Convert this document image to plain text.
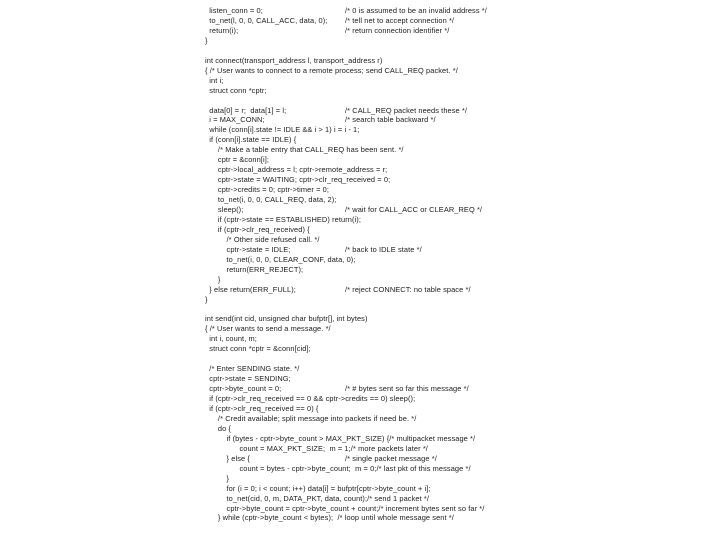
listen_conn = 0;	/* 0 is assumed to be an invalid address */
to_net(l, 0, 0, CALL_ACC, data, 0); /* tell net to accept connection */
return(i);	/* return connection identifier */
}
int connect(transport_address l, transport_address r)
{ /* User wants to connect to a remote process; send CALL_REQ packet. */
int i;
struct conn *cptr;
data[0] = r;  data[1] = l;	/* CALL_REQ packet needs these */
i = MAX_CONN;	/* search table backward */
while (conn[i].state != IDLE && i > 1) i = i - 1;
if (conn[i].state == IDLE) {
/* Make a table entry that CALL_REQ has been sent. */
cptr = &conn[i];
cptr->local_address = l; cptr->remote_address = r;
cptr->state = WAITING; cptr->clr_req_received = 0;
cptr->credits = 0; cptr->timer = 0;
to_net(i, 0, 0, CALL_REQ, data, 2);
sleep();	/* wait for CALL_ACC or CLEAR_REQ */
if (cptr->state == ESTABLISHED) return(i);
if (cptr->clr_req_received) {
/* Other side refused call. */
cptr->state = IDLE;	/* back to IDLE state */
to_net(i, 0, 0, CLEAR_CONF, data, 0);
return(ERR_REJECT);
}
} else return(ERR_FULL);	/* reject CONNECT: no table space */
}
int send(int cid, unsigned char bufptr[], int bytes)
{ /* User wants to send a message. */
int i, count, m;
struct conn *cptr = &conn[cid];
/* Enter SENDING state. */
cptr->state = SENDING;
cptr->byte_count = 0;	/* # bytes sent so far this message */
if (cptr->clr_req_received == 0 && cptr->credits == 0) sleep();
if (cptr->clr_req_received == 0) {
/* Credit available; split message into packets if need be. */
do {
if (bytes - cptr->byte_count > MAX_PKT_SIZE) {/* multipacket message */
count = MAX_PKT_SIZE;  m = 1;/* more packets later */
} else {	/* single packet message */
count = bytes - cptr->byte_count;  m = 0;/* last pkt of this message */
}
for (i = 0; i < count; i++) data[i] = bufptr[cptr->byte_count + i];
to_net(cid, 0, m, DATA_PKT, data, count);/* send 1 packet */
cptr->byte_count = cptr->byte_count + count;/* increment bytes sent so far */
} while (cptr->byte_count < bytes);  /* loop until whole message sent */
